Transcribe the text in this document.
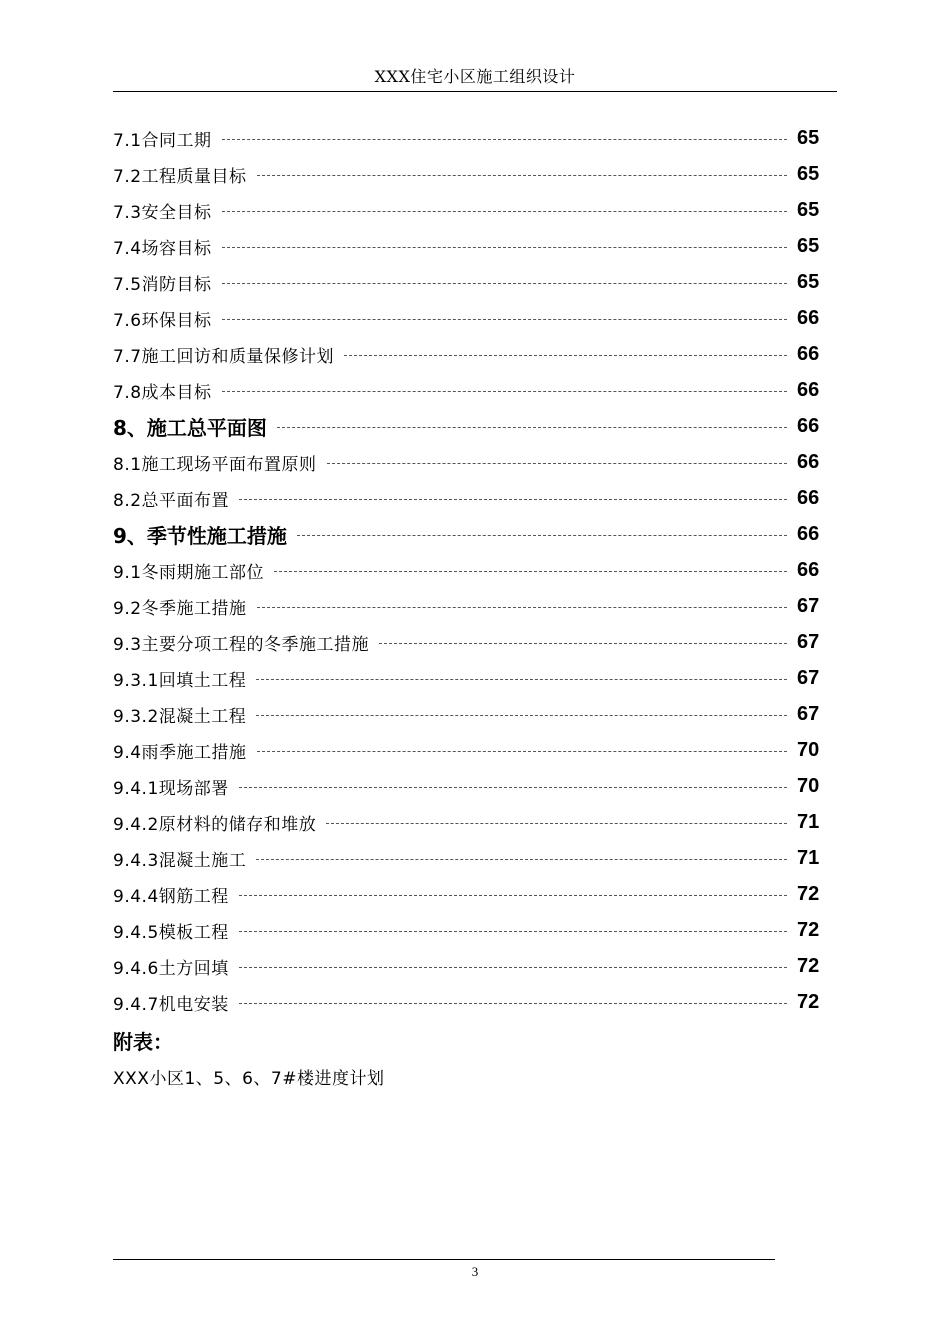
XXX住宅小区施工组织设计
7.1合同工期	65
7.2工程质量目标	65
7.3安全目标	65
7.4场容目标	65
7.5消防目标	65
7.6环保目标	66
7.7施工回访和质量保修计划	66
7.8成本目标	66
8、施工总平面图	66
8.1施工现场平面布置原则	66
8.2总平面布置	66
9、季节性施工措施	66
9.1冬雨期施工部位	66
9.2冬季施工措施	67
9.3主要分项工程的冬季施工措施	67
9.3.1回填土工程	67
9.3.2混凝土工程	67
9.4雨季施工措施	70
9.4.1现场部署	70
9.4.2原材料的储存和堆放	71
9.4.3混凝土施工	71
9.4.4钢筋工程	72
9.4.5模板工程	72
9.4.6土方回填	72
9.4.7机电安装	72
附表：
XXX小区1、5、6、7#楼进度计划
3
